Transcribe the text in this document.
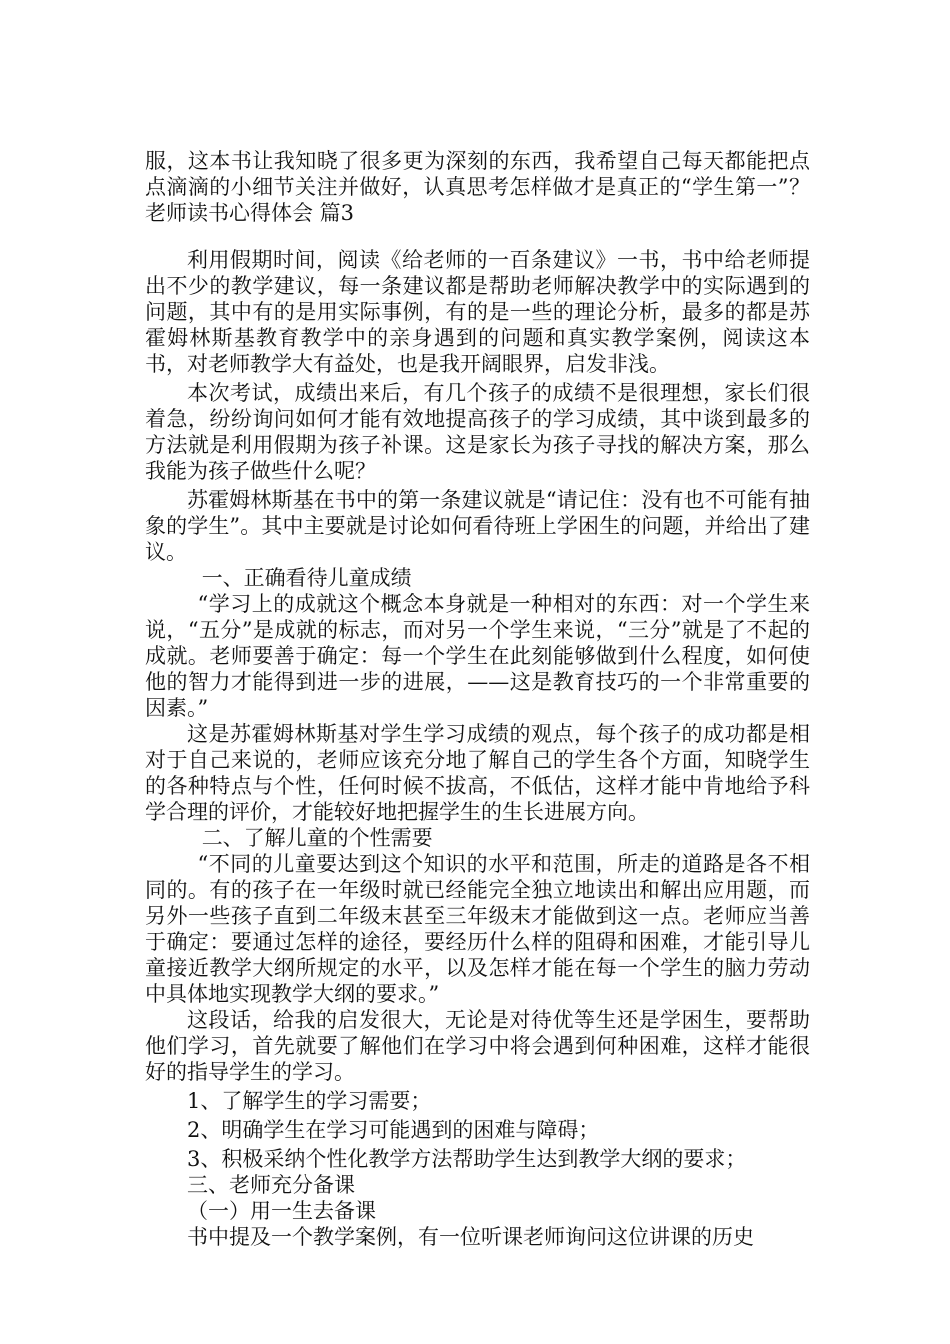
服，这本书让我知晓了很多更为深刻的东西，我希望自己每天都能把点点滴滴的小细节关注并做好，认真思考怎样做才是真正的“学生第一”？老师读书心得体会 篇3

利用假期时间，阅读《给老师的一百条建议》一书，书中给老师提出不少的教学建议，每一条建议都是帮助老师解决教学中的实际遇到的问题，其中有的是用实际事例，有的是一些的理论分析，最多的都是苏霍姆林斯基教育教学中的亲身遇到的问题和真实教学案例，阅读这本书，对老师教学大有益处，也是我开阔眼界，启发非浅。

本次考试，成绩出来后，有几个孩子的成绩不是很理想，家长们很着急，纷纷询问如何才能有效地提高孩子的学习成绩，其中谈到最多的方法就是利用假期为孩子补课。这是家长为孩子寻找的解决方案，那么我能为孩子做些什么呢？

苏霍姆林斯基在书中的第一条建议就是“请记住：没有也不可能有抽象的学生”。其中主要就是讨论如何看待班上学困生的问题，并给出了建议。

一、正确看待儿童成绩

“学习上的成就这个概念本身就是一种相对的东西：对一个学生来说，“五分”是成就的标志，而对另一个学生来说，“三分”就是了不起的成就。老师要善于确定：每一个学生在此刻能够做到什么程度，如何使他的智力才能得到进一步的进展，——这是教育技巧的一个非常重要的因素。”

这是苏霍姆林斯基对学生学习成绩的观点，每个孩子的成功都是相对于自己来说的，老师应该充分地了解自己的学生各个方面，知晓学生的各种特点与个性，任何时候不拔高，不低估，这样才能中肯地给予科学合理的评价，才能较好地把握学生的生长进展方向。

二、了解儿童的个性需要

“不同的儿童要达到这个知识的水平和范围，所走的道路是各不相同的。有的孩子在一年级时就已经能完全独立地读出和解出应用题，而另外一些孩子直到二年级末甚至三年级末才能做到这一点。老师应当善于确定：要通过怎样的途径，要经历什么样的阻碍和困难，才能引导儿童接近教学大纲所规定的水平，以及怎样才能在每一个学生的脑力劳动中具体地实现教学大纲的要求。”

这段话，给我的启发很大，无论是对待优等生还是学困生，要帮助他们学习，首先就要了解他们在学习中将会遇到何种困难，这样才能很好的指导学生的学习。

1、了解学生的学习需要；

2、明确学生在学习可能遇到的困难与障碍；

3、积极采纳个性化教学方法帮助学生达到教学大纲的要求；

三、老师充分备课

（一）用一生去备课

书中提及一个教学案例，有一位听课老师询问这位讲课的历史
